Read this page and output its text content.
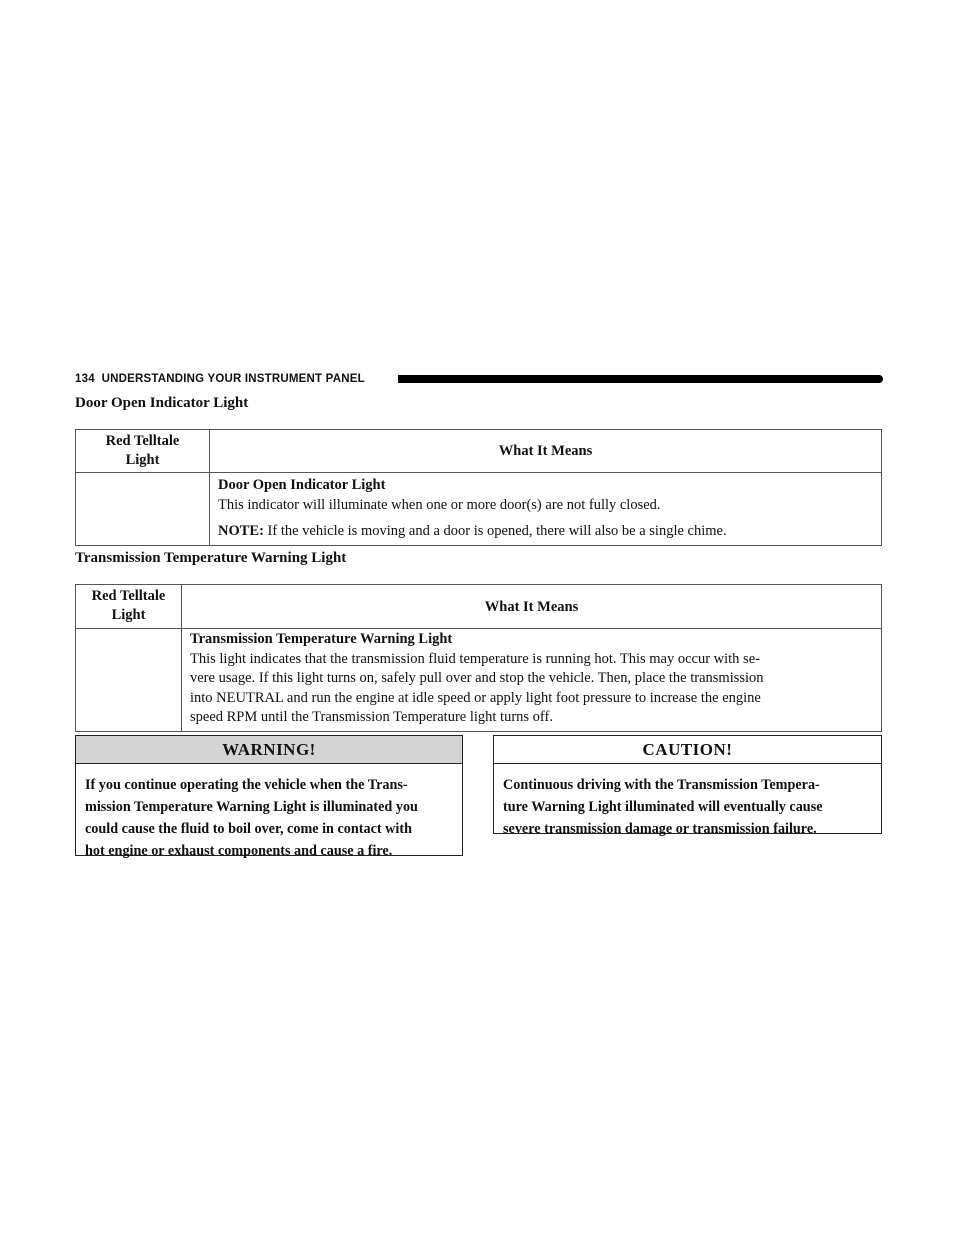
134 UNDERSTANDING YOUR INSTRUMENT PANEL
Door Open Indicator Light
Red Telltale
Light	What It Means

	Door Open Indicator Light
This indicator will illuminate when one or more door(s) are not fully closed.
NOTE: If the vehicle is moving and a door is opened, there will also be a single chime.
Transmission Temperature Warning Light
Red Telltale
Light	What It Means

	Transmission Temperature Warning Light
This light indicates that the transmission fluid temperature is running hot. This may occur with se-
vere usage. If this light turns on, safely pull over and stop the vehicle. Then, place the transmission
into NEUTRAL and run the engine at idle speed or apply light foot pressure to increase the engine
speed RPM until the Transmission Temperature light turns off.
WARNING!
If you continue operating the vehicle when the Trans-
mission Temperature Warning Light is illuminated you
could cause the fluid to boil over, come in contact with
hot engine or exhaust components and cause a fire.
CAUTION!
Continuous driving with the Transmission Tempera-
ture Warning Light illuminated will eventually cause
severe transmission damage or transmission failure.
